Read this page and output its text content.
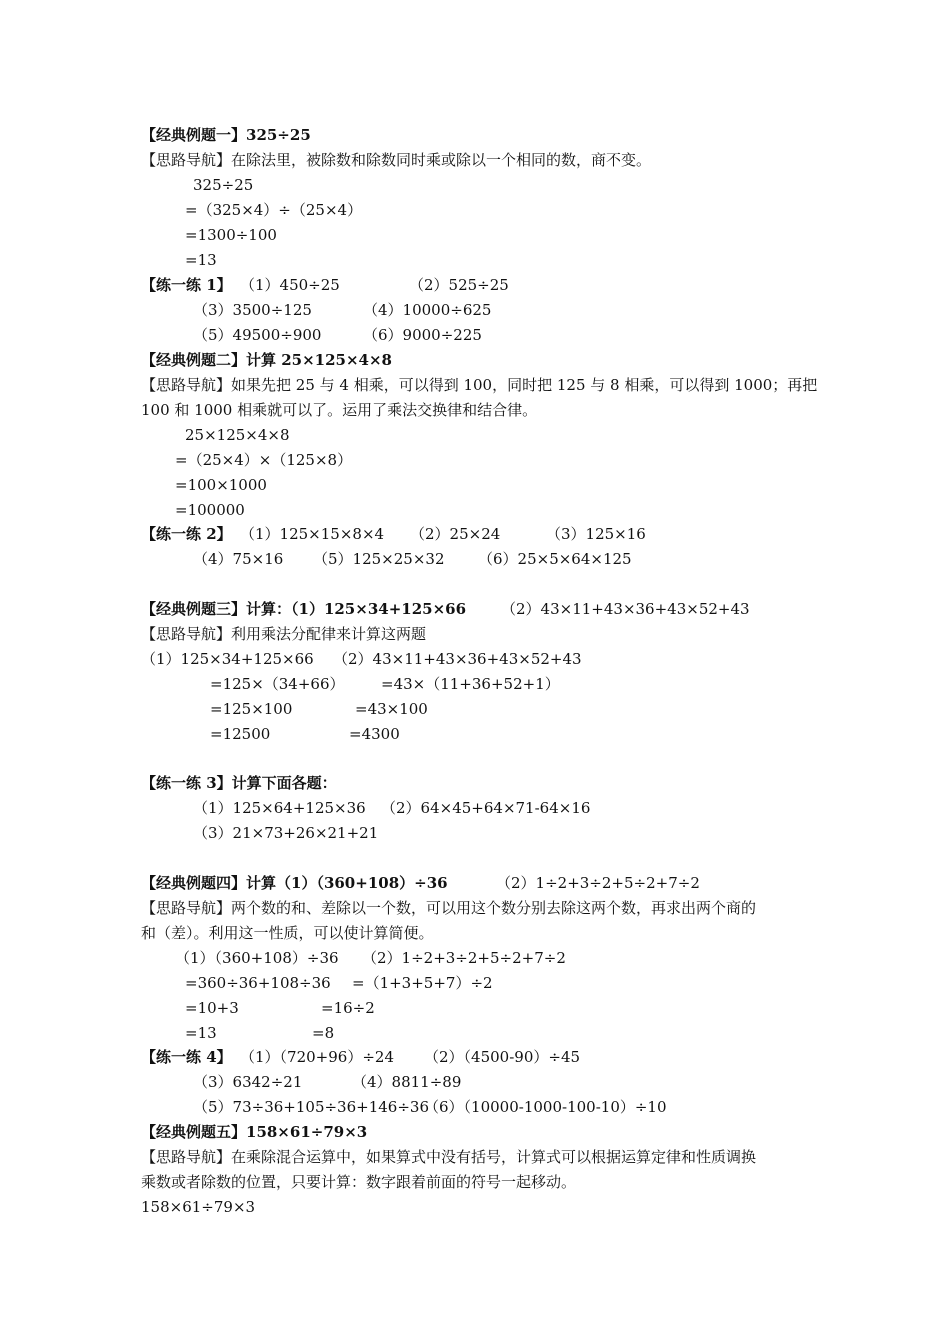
【经典例题一】325÷25
【思路导航】在除法里，被除数和除数同时乘或除以一个相同的数，商不变。
325÷25
=（325×4）÷（25×4）
=1300÷100
=13
【练一练 1】 （1）450÷25	（2）525÷25
（3）3500÷125	（4）10000÷625
（5）49500÷900	（6）9000÷225
【经典例题二】计算 25×125×4×8
【思路导航】如果先把 25 与 4 相乘，可以得到 100，同时把 125 与 8 相乘，可以得到 1000；再把
100 和 1000 相乘就可以了。运用了乘法交换律和结合律。
25×125×4×8
=（25×4）×（125×8）
=100×1000
=100000
【练一练 2】 （1）125×15×8×4 （2）25×24	（3）125×16
（4）75×16 （5）125×25×32 （6）25×5×64×125
【经典例题三】计算：（1）125×34+125×66 （2）43×11+43×36+43×52+43
【思路导航】利用乘法分配律来计算这两题
（1）125×34+125×66
=125×（34+66）
=125×100
=12500
（2）43×11+43×36+43×52+43
=43×（11+36+52+1）
=43×100
=4300
【练一练 3】计算下面各题：
（1）125×64+125×36 （2）64×45+64×71-64×16
（3）21×73+26×21+21
【经典例题四】计算（1）（360+108）÷36	（2）1÷2+3÷2+5÷2+7÷2
【思路导航】两个数的和、差除以一个数，可以用这个数分别去除这两个数，再求出两个商的
和（差）。利用这一性质，可以使计算简便。
（1）（360+108）÷36
=360÷36+108÷36
=10+3
=13
（2）1÷2+3÷2+5÷2+7÷2
=（1+3+5+7）÷2
=16÷2
=8
【练一练 4】 （1）（720+96）÷24 （2）（4500-90）÷45
（3）6342÷21	（4）8811÷89
（5）73÷36+105÷36+146÷36
（6）（10000-1000-100-10）÷10
【经典例题五】158×61÷79×3
【思路导航】在乘除混合运算中，如果算式中没有括号，计算式可以根据运算定律和性质调换
乘数或者除数的位置，只要计算：数字跟着前面的符号一起移动。
158×61÷79×3
